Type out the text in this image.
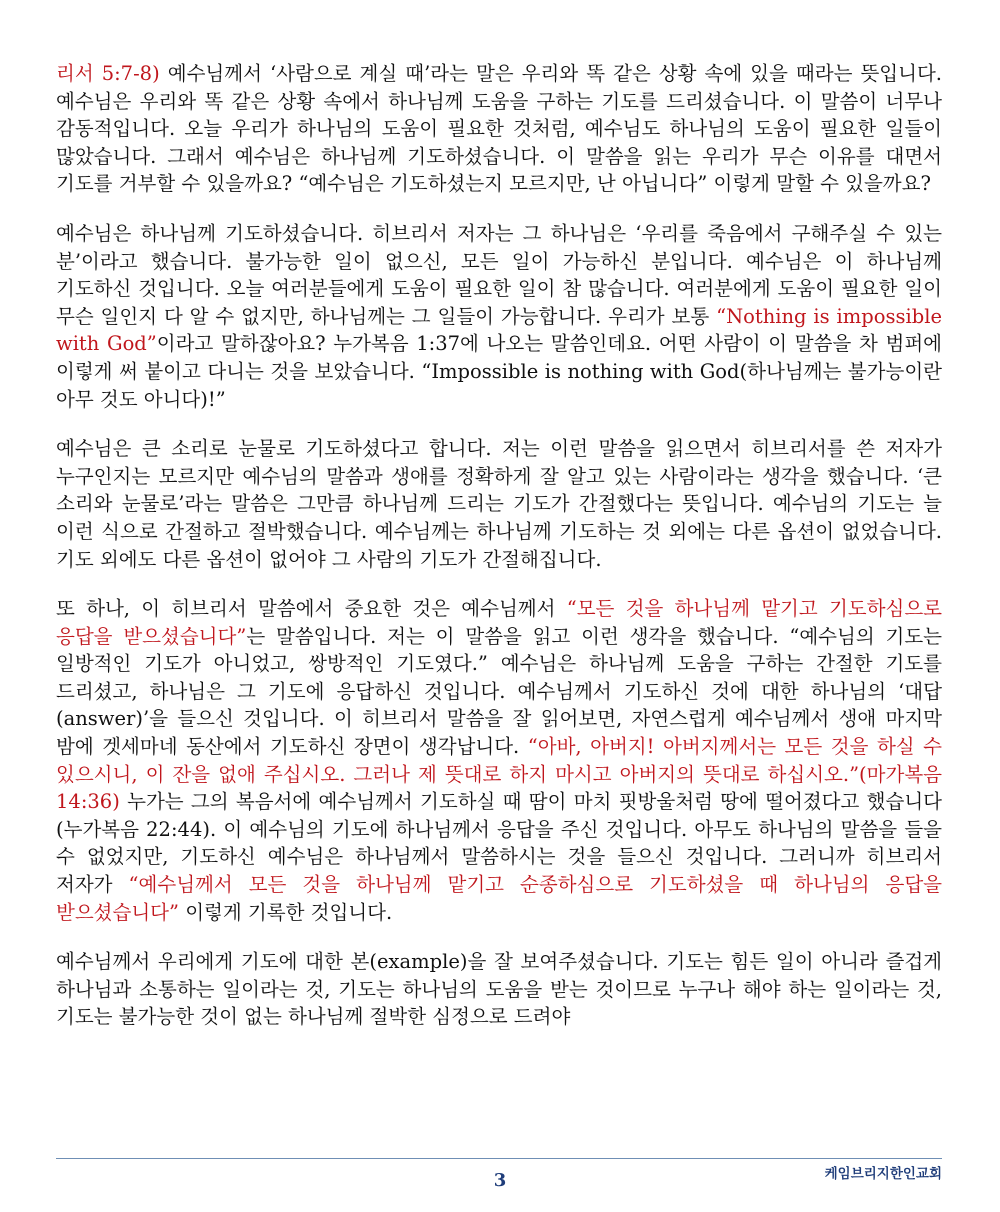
리서 5:7-8) 예수님께서 ‘사람으로 계실 때’라는 말은 우리와 똑 같은 상황 속에 있을 때라는 뜻입니다. 예수님은 우리와 똑 같은 상황 속에서 하나님께 도움을 구하는 기도를 드리셨습니다. 이 말씀이 너무나 감동적입니다. 오늘 우리가 하나님의 도움이 필요한 것처럼, 예수님도 하나님의 도움이 필요한 일들이 많았습니다. 그래서 예수님은 하나님께 기도하셨습니다. 이 말씀을 읽는 우리가 무슨 이유를 대면서 기도를 거부할 수 있을까요? “예수님은 기도하셨는지 모르지만, 난 아닙니다” 이렇게 말할 수 있을까요?

예수님은 하나님께 기도하셨습니다. 히브리서 저자는 그 하나님은 ‘우리를 죽음에서 구해주실 수 있는 분’이라고 했습니다. 불가능한 일이 없으신, 모든 일이 가능하신 분입니다. 예수님은 이 하나님께 기도하신 것입니다. 오늘 여러분들에게 도움이 필요한 일이 참 많습니다. 여러분에게 도움이 필요한 일이 무슨 일인지 다 알 수 없지만, 하나님께는 그 일들이 가능합니다. 우리가 보통 “Nothing is impossible with God”이라고 말하잖아요? 누가복음 1:37에 나오는 말씀인데요. 어떤 사람이 이 말씀을 차 범퍼에 이렇게 써 붙이고 다니는 것을 보았습니다. “Impossible is nothing with God(하나님께는 불가능이란 아무 것도 아니다)!”

예수님은 큰 소리로 눈물로 기도하셨다고 합니다. 저는 이런 말씀을 읽으면서 히브리서를 쓴 저자가 누구인지는 모르지만 예수님의 말씀과 생애를 정확하게 잘 알고 있는 사람이라는 생각을 했습니다. ‘큰 소리와 눈물로’라는 말씀은 그만큼 하나님께 드리는 기도가 간절했다는 뜻입니다. 예수님의 기도는 늘 이런 식으로 간절하고 절박했습니다. 예수님께는 하나님께 기도하는 것 외에는 다른 옵션이 없었습니다. 기도 외에도 다른 옵션이 없어야 그 사람의 기도가 간절해집니다.

또 하나, 이 히브리서 말씀에서 중요한 것은 예수님께서 “모든 것을 하나님께 맡기고 기도하심으로 응답을 받으셨습니다”는 말씀입니다. 저는 이 말씀을 읽고 이런 생각을 했습니다. “예수님의 기도는 일방적인 기도가 아니었고, 쌍방적인 기도였다.” 예수님은 하나님께 도움을 구하는 간절한 기도를 드리셨고, 하나님은 그 기도에 응답하신 것입니다. 예수님께서 기도하신 것에 대한 하나님의 ‘대답(answer)’을 들으신 것입니다. 이 히브리서 말씀을 잘 읽어보면, 자연스럽게 예수님께서 생애 마지막 밤에 겟세마네 동산에서 기도하신 장면이 생각납니다. “아바, 아버지! 아버지께서는 모든 것을 하실 수 있으시니, 이 잔을 없애 주십시오. 그러나 제 뜻대로 하지 마시고 아버지의 뜻대로 하십시오.”(마가복음 14:36) 누가는 그의 복음서에 예수님께서 기도하실 때 땀이 마치 핏방울처럼 땅에 떨어졌다고 했습니다(누가복음 22:44). 이 예수님의 기도에 하나님께서 응답을 주신 것입니다. 아무도 하나님의 말씀을 들을 수 없었지만, 기도하신 예수님은 하나님께서 말씀하시는 것을 들으신 것입니다. 그러니까 히브리서 저자가 “예수님께서 모든 것을 하나님께 맡기고 순종하심으로 기도하셨을 때 하나님의 응답을 받으셨습니다” 이렇게 기록한 것입니다.

예수님께서 우리에게 기도에 대한 본(example)을 잘 보여주셨습니다. 기도는 힘든 일이 아니라 즐겁게 하나님과 소통하는 일이라는 것, 기도는 하나님의 도움을 받는 것이므로 누구나 해야 하는 일이라는 것, 기도는 불가능한 것이 없는 하나님께 절박한 심정으로 드려야

3	케임브리지한인교회
